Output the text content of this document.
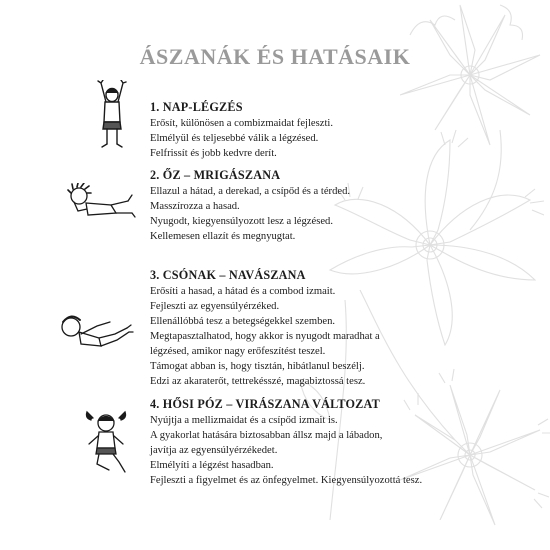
ÁSZANÁK ÉS HATÁSAIK
1. NAP-LÉGZÉS
Erősít, különösen a combizmaidat fejleszti.
Elmélyül és teljesebbé válik a légzésed.
Felfrissít és jobb kedvre derít.
2. ŐZ – MRIGÁSZANA
Ellazul a hátad, a derekad, a csípőd és a térded.
Masszírozza a hasad.
Nyugodt, kiegyensúlyozott lesz a légzésed.
Kellemesen ellazít és megnyugtat.
3. CSÓNAK – NAVÁSZANA
Erősíti a hasad, a hátad és a combod izmait.
Fejleszti az egyensúlyérzéked.
Ellenállóbbá tesz a betegségekkel szemben.
Megtapasztalhatod, hogy akkor is nyugodt maradhat a
légzésed, amikor nagy erőfeszítést teszel.
Támogat abban is, hogy tisztán, hibátlanul beszélj.
Edzi az akaraterőt, tettrekésszé, magabiztossá tesz.
4. HŐSI PÓZ – VIRÁSZANA VÁLTOZAT
Nyújtja a mellizmaidat és a csípőd izmait is.
A gyakorlat hatására biztosabban állsz majd a lábadon,
javítja az egyensúlyérzékedet.
Elmélyíti a légzést hasadban.
Fejleszti a figyelmet és az önfegyelmet. Kiegyensúlyozottá tesz.
